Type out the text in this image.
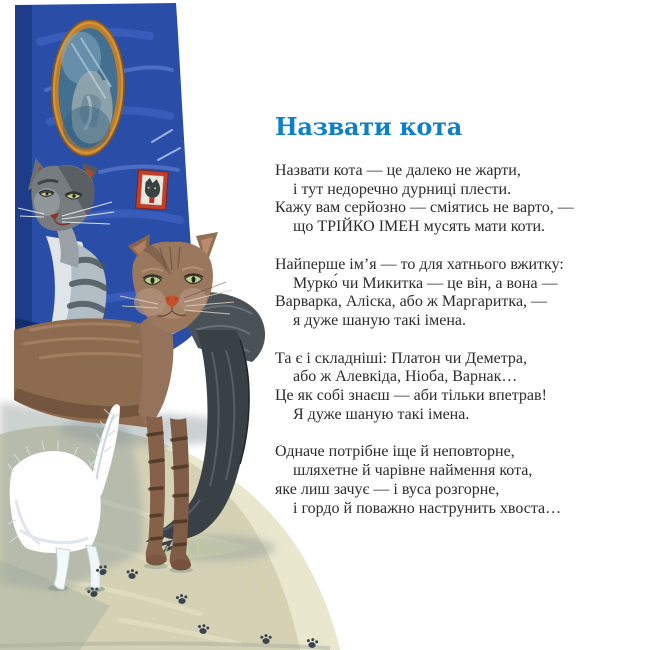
Назвати кота

Назвати кота — це далеко не жарти,

і тут недоречно дурниці плести.

Кажу вам серйозно — сміятись не варто, —

що ТРІЙКО ІМЕН мусять мати коти.

Найперше ім’я — то для хатнього вжитку:

Мурко́ чи Микитка — це він, а вона —

Варварка, Аліска, або ж Маргаритка, —

я дуже шаную такі імена.

Та є і складніші: Платон чи Деметра,

або ж Алевкіда, Ніоба, Варнак…

Це як собі знаєш — аби тільки впетрав!

Я дуже шаную такі імена.

Одначе потрібне іще й неповторне,

шляхетне й чарівне наймення кота,

яке лиш зачує — і вуса розгорне,

і гордо й поважно наструнить хвоста…
